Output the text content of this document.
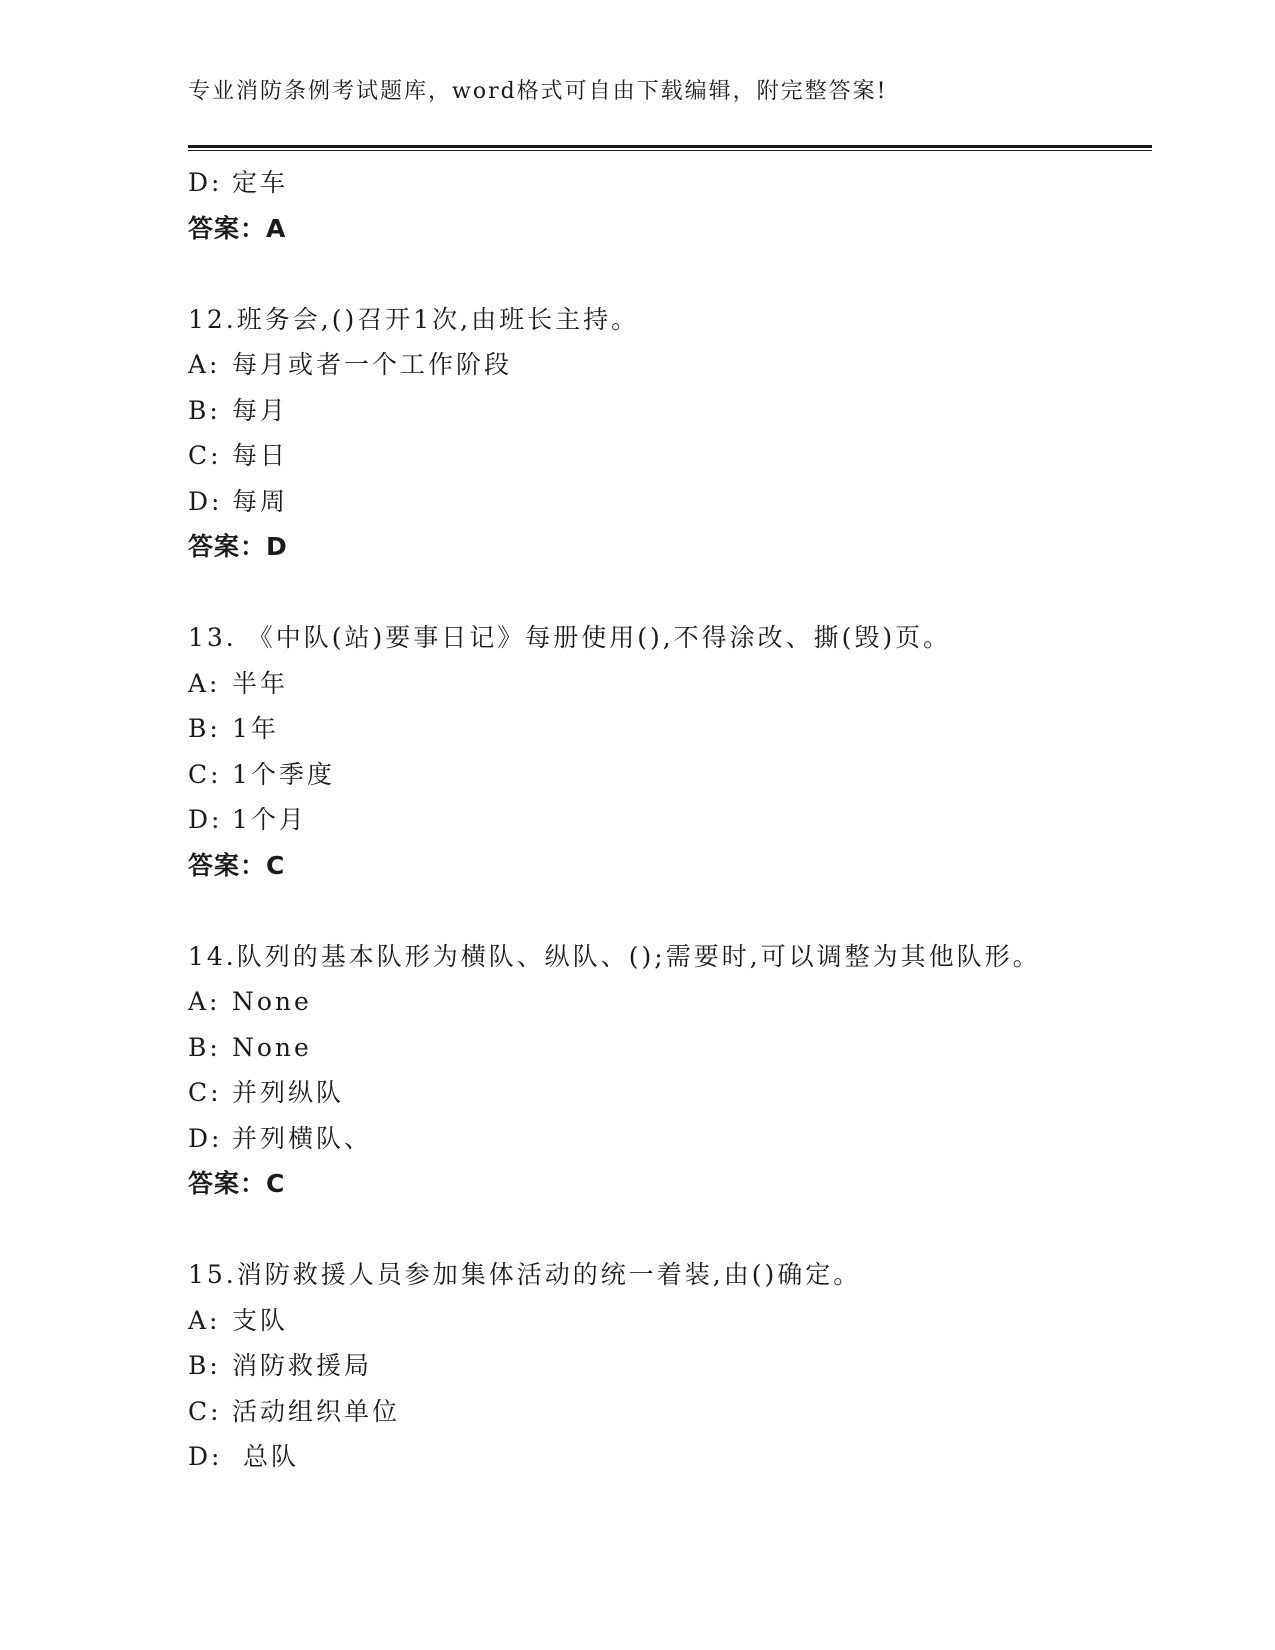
专业消防条例考试题库，word格式可自由下载编辑，附完整答案!
D: 定车
答案：A
12.班务会,()召开1次,由班长主持。
A: 每月或者一个工作阶段
B: 每月
C: 每日
D: 每周
答案：D
13. 《中队(站)要事日记》每册使用(),不得涂改、撕(毁)页。
A: 半年
B: 1年
C: 1个季度
D: 1个月
答案：C
14.队列的基本队形为横队、纵队、();需要时,可以调整为其他队形。
A: None
B: None
C: 并列纵队
D: 并列横队、
答案：C
15.消防救援人员参加集体活动的统一着装,由()确定。
A: 支队
B: 消防救援局
C: 活动组织单位
D: 总队
